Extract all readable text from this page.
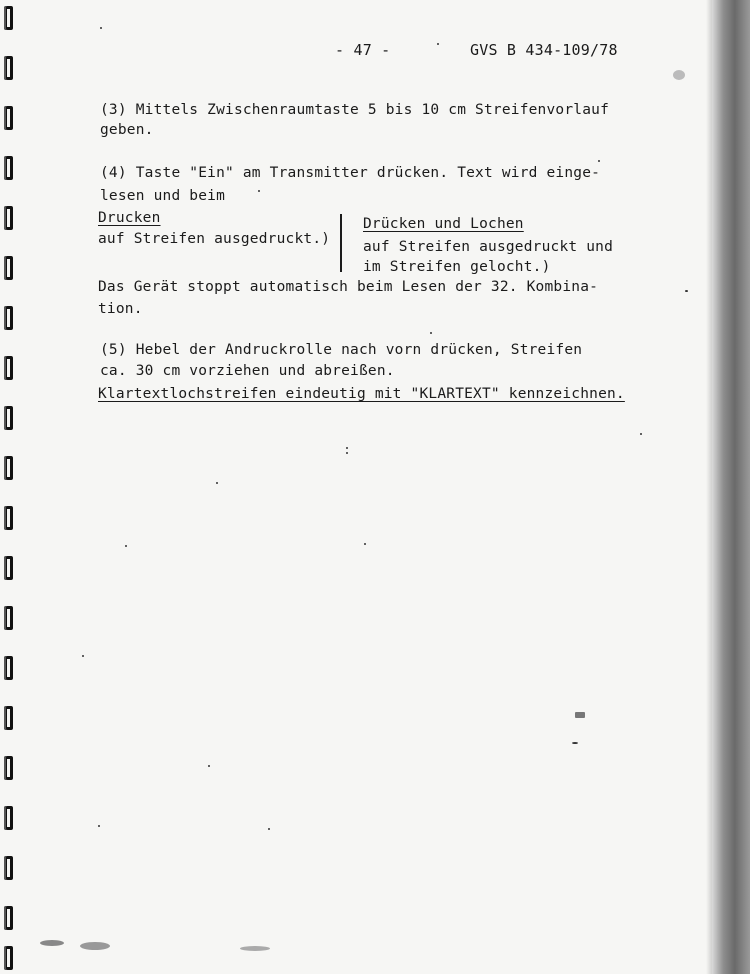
- 47 -	GVS B 434-109/78
(3) Mittels Zwischenraumtaste 5 bis 10 cm Streifenvorlauf
geben.
(4) Taste "Ein" am Transmitter drücken. Text wird einge-
lesen und beim
Drucken
auf Streifen ausgedruckt.)
Drücken und Lochen
auf Streifen ausgedruckt und
im Streifen gelocht.)
Das Gerät stoppt automatisch beim Lesen der 32. Kombina-
tion.
(5) Hebel der Andruckrolle nach vorn drücken, Streifen
ca. 30 cm vorziehen und abreißen.
Klartextlochstreifen eindeutig mit "KLARTEXT" kennzeichnen.
